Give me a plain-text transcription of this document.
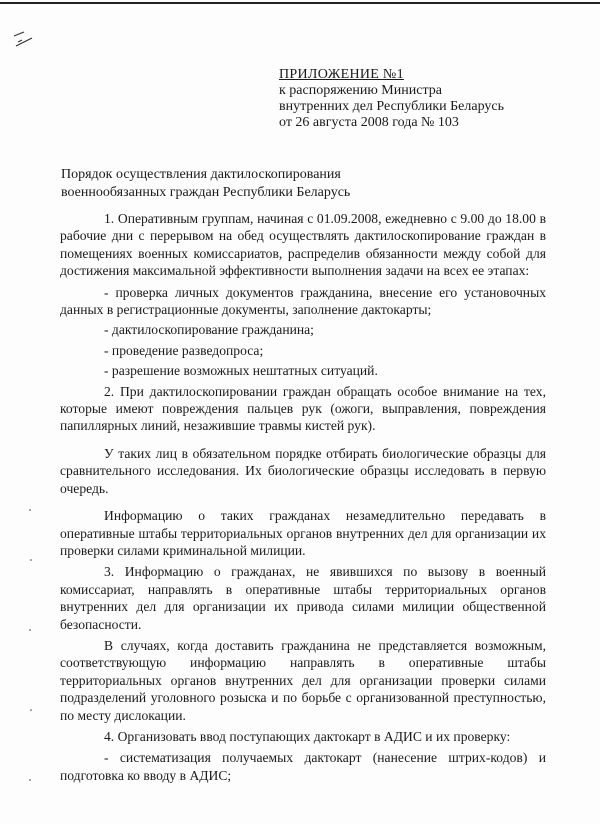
ПРИЛОЖЕНИЕ №1
к распоряжению Министра
внутренних дел Республики Беларусь
от 26 августа 2008 года № 103
Порядок осуществления дактилоскопирования
военнообязанных граждан Республики Беларусь

1. Оперативным группам, начиная с 01.09.2008, ежедневно с 9.00 до 18.00 в рабочие дни с перерывом на обед осуществлять дактилоскопирование граждан в помещениях военных комиссариатов, распределив обязанности между собой для достижения максимальной эффективности выполнения задачи на всех ее этапах:

- проверка личных документов гражданина, внесение его установочных данных в регистрационные документы, заполнение дактокарты;

- дактилоскопирование гражданина;

- проведение разведопроса;

- разрешение возможных нештатных ситуаций.

2. При дактилоскопировании граждан обращать особое внимание на тех, которые имеют повреждения пальцев рук (ожоги, выправления, повреждения папиллярных линий, незажившие травмы кистей рук).

У таких лиц в обязательном порядке отбирать биологические образцы для сравнительного исследования. Их биологические образцы исследовать в первую очередь.

Информацию о таких гражданах незамедлительно передавать в оперативные штабы территориальных органов внутренних дел для организации их проверки силами криминальной милиции.

3. Информацию о гражданах, не явившихся по вызову в военный комиссариат, направлять в оперативные штабы территориальных органов внутренних дел для организации их привода силами милиции общественной безопасности.

В случаях, когда доставить гражданина не представляется возможным, соответствующую информацию направлять в оперативные штабы территориальных органов внутренних дел для организации проверки силами подразделений уголовного розыска и по борьбе с организованной преступностью, по месту дислокации.

4. Организовать ввод поступающих дактокарт в АДИС и их проверку:

- систематизация получаемых дактокарт (нанесение штрих-кодов) и подготовка ко вводу в АДИС;
